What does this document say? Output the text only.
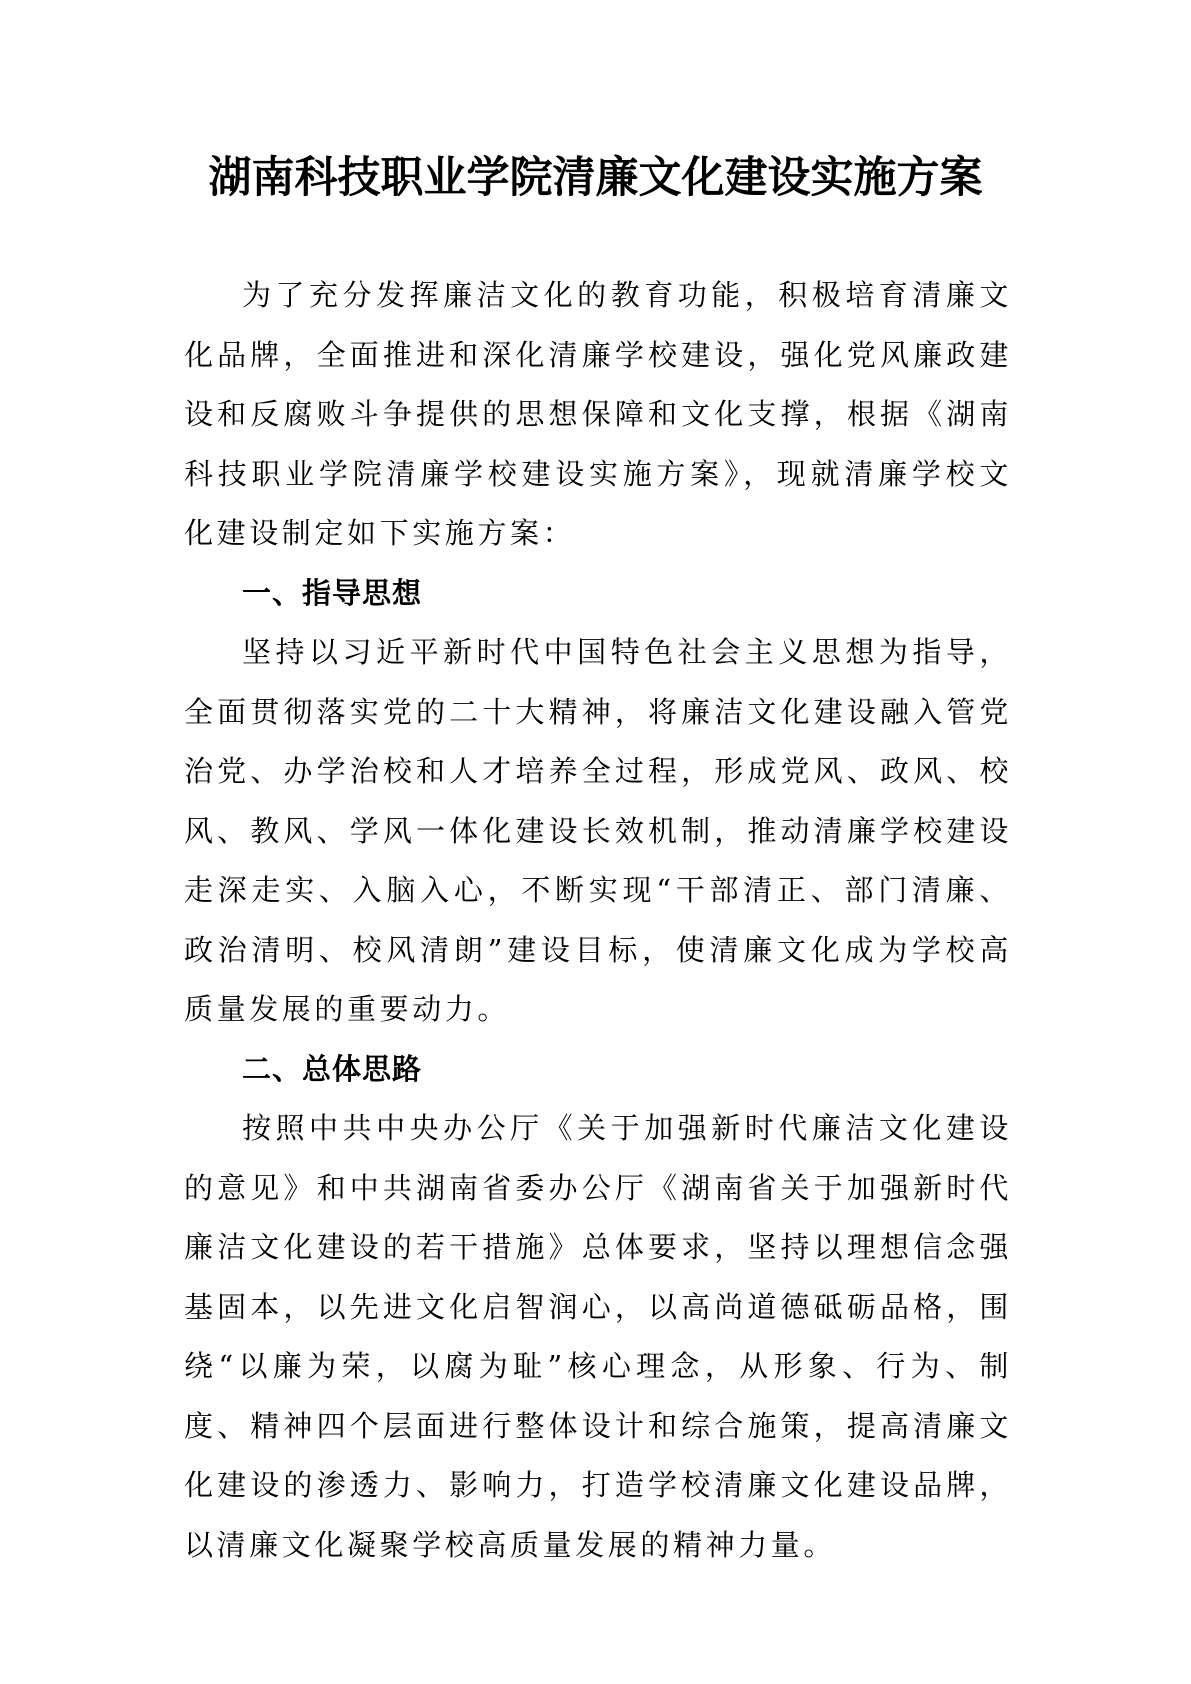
湖南科技职业学院清廉文化建设实施方案

为了充分发挥廉洁文化的教育功能，积极培育清廉文化品牌，全面推进和深化清廉学校建设，强化党风廉政建设和反腐败斗争提供的思想保障和文化支撑，根据《湖南科技职业学院清廉学校建设实施方案》，现就清廉学校文化建设制定如下实施方案：

一、指导思想

坚持以习近平新时代中国特色社会主义思想为指导，全面贯彻落实党的二十大精神，将廉洁文化建设融入管党治党、办学治校和人才培养全过程，形成党风、政风、校风、教风、学风一体化建设长效机制，推动清廉学校建设走深走实、入脑入心，不断实现“干部清正、部门清廉、政治清明、校风清朗”建设目标，使清廉文化成为学校高质量发展的重要动力。

二、总体思路

按照中共中央办公厅《关于加强新时代廉洁文化建设的意见》和中共湖南省委办公厅《湖南省关于加强新时代廉洁文化建设的若干措施》总体要求，坚持以理想信念强基固本，以先进文化启智润心，以高尚道德砥砺品格，围绕“以廉为荣，以腐为耻”核心理念，从形象、行为、制度、精神四个层面进行整体设计和综合施策，提高清廉文化建设的渗透力、影响力，打造学校清廉文化建设品牌，以清廉文化凝聚学校高质量发展的精神力量。
